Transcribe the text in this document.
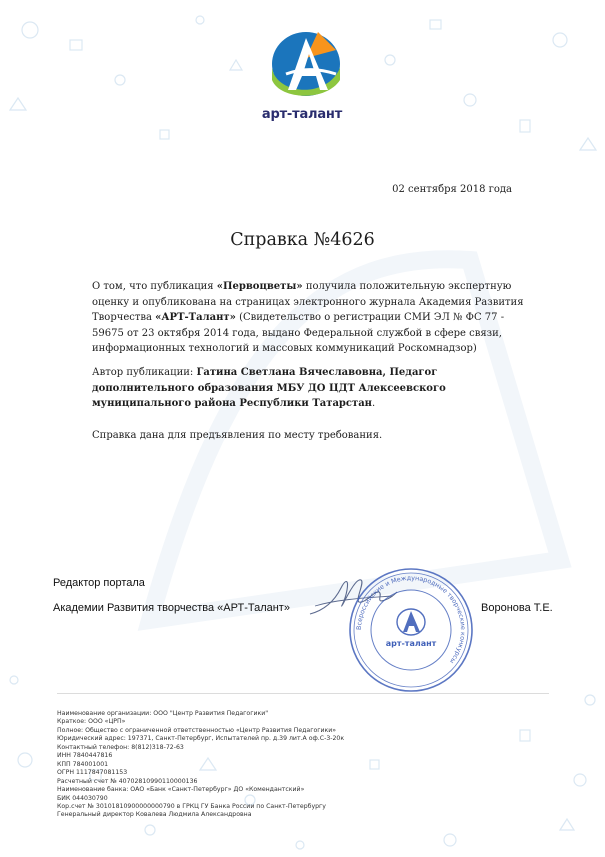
арт-талант
02 сентября 2018 года
Справка №4626
О том, что публикация «Первоцветы» получила положительную экспертную оценку и опубликована на страницах электронного журнала Академия Развития Творчества «АРТ-Талант» (Свидетельство о регистрации СМИ ЭЛ № ФС 77 - 59675 от 23 октября 2014 года, выдано Федеральной службой в сфере связи, информационных технологий и массовых коммуникаций Роскомнадзор)
Автор публикации: Гатина Светлана Вячеславовна, Педагог дополнительного образования МБУ ДО ЦДТ Алексеевского муниципального района Республики Татарстан.
Справка дана для предъявления по месту требования.
Редактор портала
Академии Развития творчества «АРТ-Талант»	Воронова Т.Е.
Всероссийские и Международные творческие конкурсы
арт-талант
Наименование организации: ООО "Центр Развития Педагогики"
Краткое: ООО «ЦРП»
Полное: Общество с ограниченной ответственностью «Центр Развития Педагогики»
Юридический адрес: 197371, Санкт-Петербург, Испытателей пр. д.39 лит.А оф.С-3-20к
Контактный телефон: 8(812)318-72-63
ИНН 7840447816
КПП 784001001
ОГРН 1117847081153
Расчетный счет № 40702810990110000136
Наименование банка: ОАО «Банк «Санкт-Петербург» ДО «Комендантский»
БИК 044030790
Кор.счет № 30101810900000000790 в ГРКЦ ГУ Банка России по Санкт-Петербургу
Генеральный директор Ковалева Людмила Александровна
